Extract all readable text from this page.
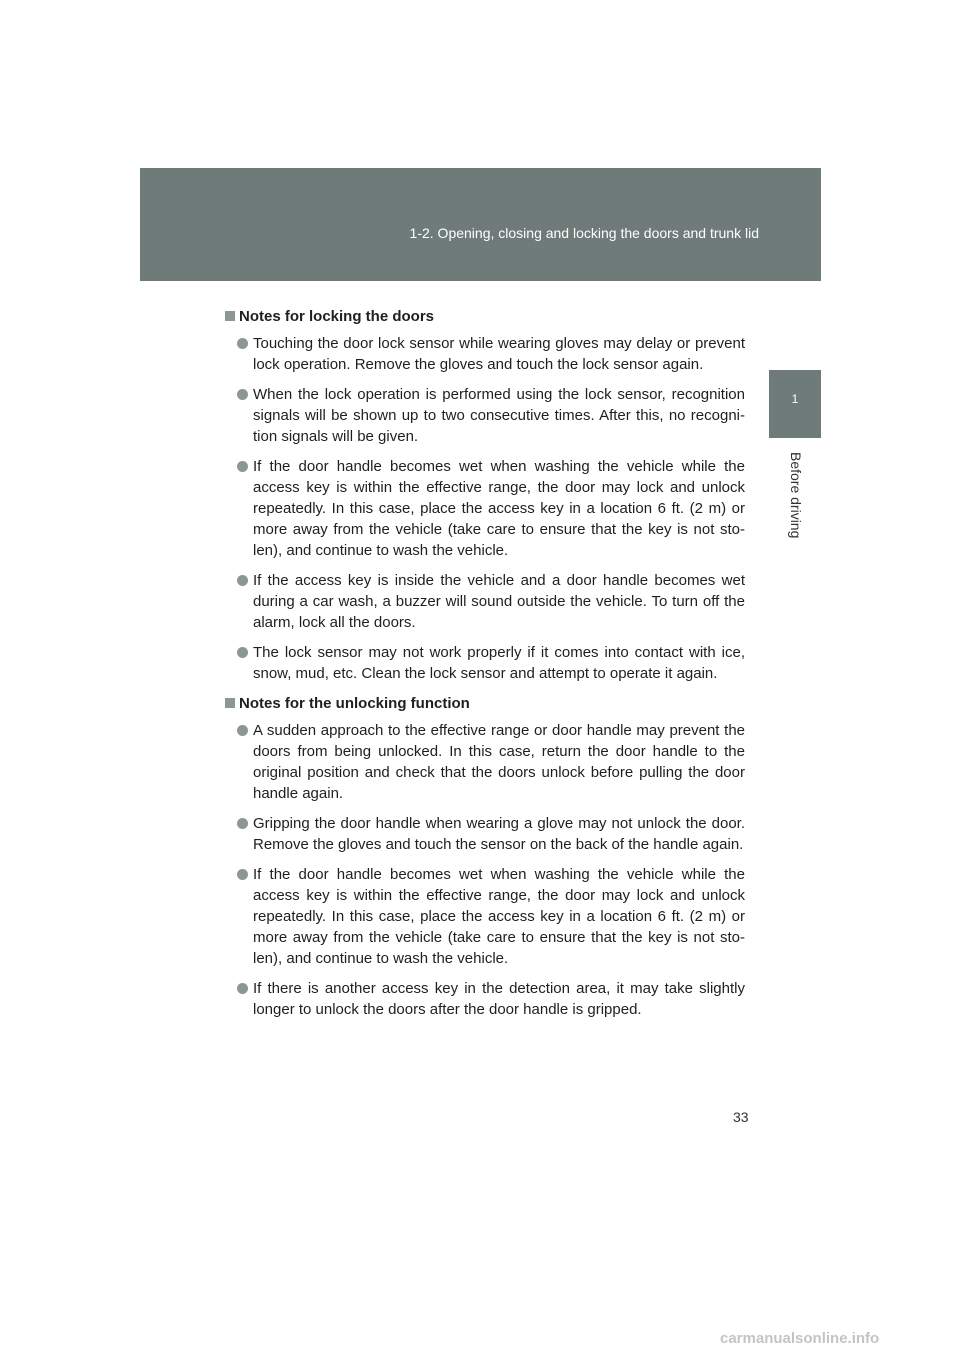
1-2. Opening, closing and locking the doors and trunk lid
1
Before driving
Notes for locking the doors
Touching the door lock sensor while wearing gloves may delay or prevent lock operation. Remove the gloves and touch the lock sensor again.
When the lock operation is performed using the lock sensor, recognition signals will be shown up to two consecutive times. After this, no recogni-tion signals will be given.
If the door handle becomes wet when washing the vehicle while the access key is within the effective range, the door may lock and unlock repeatedly. In this case, place the access key in a location 6 ft. (2 m) or more away from the vehicle (take care to ensure that the key is not sto-len), and continue to wash the vehicle.
If the access key is inside the vehicle and a door handle becomes wet during a car wash, a buzzer will sound outside the vehicle. To turn off the alarm, lock all the doors.
The lock sensor may not work properly if it comes into contact with ice, snow, mud, etc. Clean the lock sensor and attempt to operate it again.
Notes for the unlocking function
A sudden approach to the effective range or door handle may prevent the doors from being unlocked. In this case, return the door handle to the original position and check that the doors unlock before pulling the door handle again.
Gripping the door handle when wearing a glove may not unlock the door. Remove the gloves and touch the sensor on the back of the handle again.
If the door handle becomes wet when washing the vehicle while the access key is within the effective range, the door may lock and unlock repeatedly. In this case, place the access key in a location 6 ft. (2 m) or more away from the vehicle (take care to ensure that the key is not sto-len), and continue to wash the vehicle.
If there is another access key in the detection area, it may take slightly longer to unlock the doors after the door handle is gripped.
33
carmanualsonline.info
